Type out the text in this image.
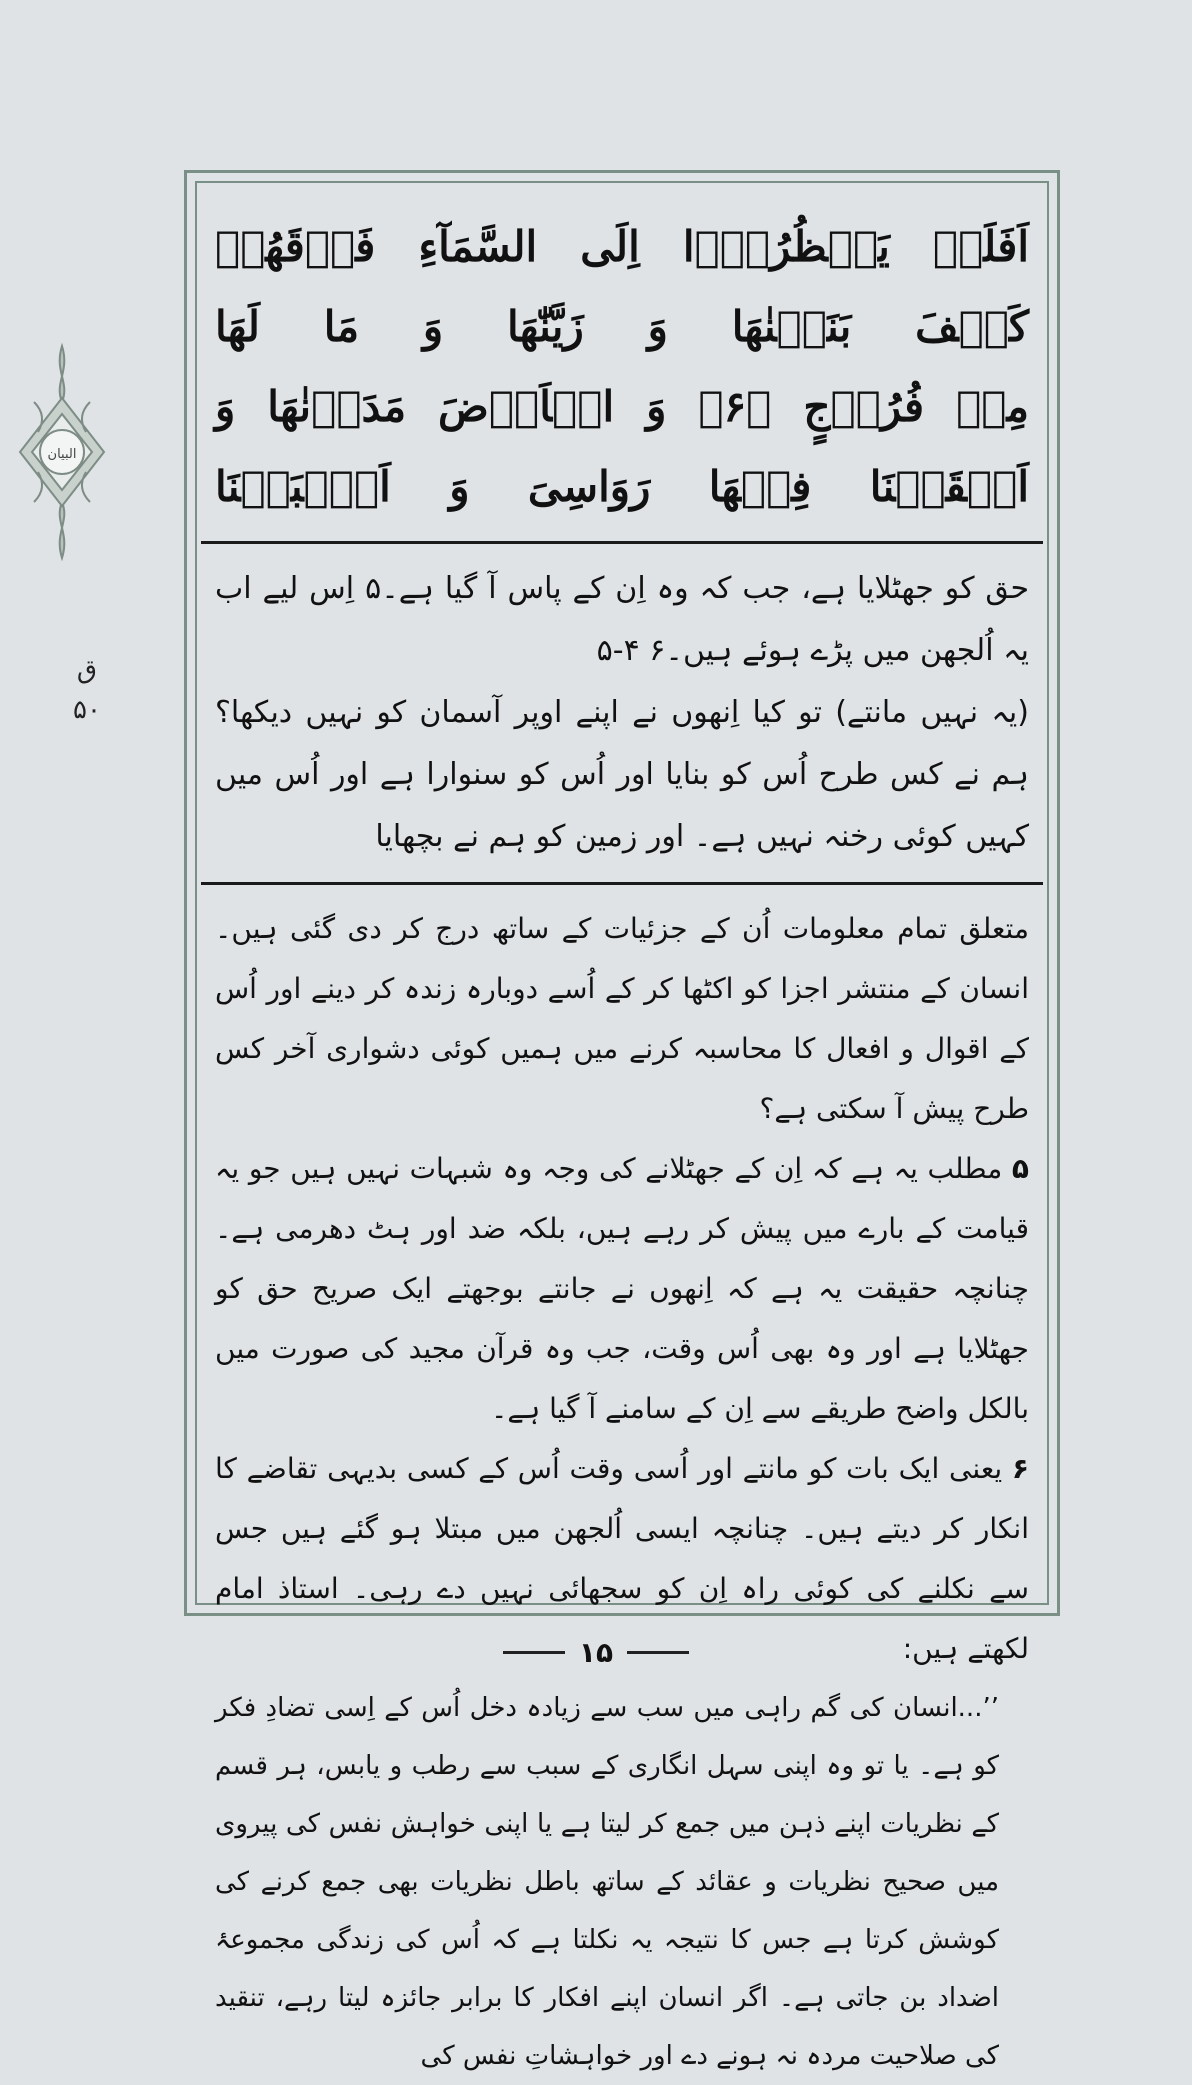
البیان
ق
۵۰
اَفَلَمۡ یَنۡظُرُوۡۤا اِلَی السَّمَآءِ فَوۡقَهُمۡ کَیۡفَ بَنَیۡنٰهَا وَ زَیَّنّٰهَا وَ مَا لَهَا
مِنۡ فُرُوۡجٍ ﴿۶﴾ وَ الۡاَرۡضَ مَدَدۡنٰهَا وَ اَلۡقَیۡنَا فِیۡهَا رَوَاسِیَ وَ اَنۡۢبَتۡنَا

حق کو جھٹلایا ہے، جب کہ وہ اِن کے پاس آ گیا ہے۔۵ اِس لیے اب یہ اُلجھن میں پڑے ہوئے ہیں۔۶ ۴-۵

(یہ نہیں مانتے) تو کیا اِنھوں نے اپنے اوپر آسمان کو نہیں دیکھا؟ ہم نے کس طرح اُس کو بنایا اور اُس کو سنوارا ہے اور اُس میں کہیں کوئی رخنہ نہیں ہے۔ اور زمین کو ہم نے بچھایا

متعلق تمام معلومات اُن کے جزئیات کے ساتھ درج کر دی گئی ہیں۔ انسان کے منتشر اجزا کو اکٹھا کر کے اُسے دوبارہ زندہ کر دینے اور اُس کے اقوال و افعال کا محاسبہ کرنے میں ہمیں کوئی دشواری آخر کس طرح پیش آ سکتی ہے؟

۵ مطلب یہ ہے کہ اِن کے جھٹلانے کی وجہ وہ شبہات نہیں ہیں جو یہ قیامت کے بارے میں پیش کر رہے ہیں، بلکہ ضد اور ہٹ دھرمی ہے۔ چنانچہ حقیقت یہ ہے کہ اِنھوں نے جانتے بوجھتے ایک صریح حق کو جھٹلایا ہے اور وہ بھی اُس وقت، جب وہ قرآن مجید کی صورت میں بالکل واضح طریقے سے اِن کے سامنے آ گیا ہے۔

۶ یعنی ایک بات کو مانتے اور اُسی وقت اُس کے کسی بدیہی تقاضے کا انکار کر دیتے ہیں۔ چنانچہ ایسی اُلجھن میں مبتلا ہو گئے ہیں جس سے نکلنے کی کوئی راہ اِن کو سجھائی نہیں دے رہی۔ استاذ امام لکھتے ہیں:

’’...انسان کی گم راہی میں سب سے زیادہ دخل اُس کے اِسی تضادِ فکر کو ہے۔ یا تو وہ اپنی سہل انگاری کے سبب سے رطب و یابس، ہر قسم کے نظریات اپنے ذہن میں جمع کر لیتا ہے یا اپنی خواہش نفس کی پیروی میں صحیح نظریات و عقائد کے ساتھ باطل نظریات بھی جمع کرنے کی کوشش کرتا ہے جس کا نتیجہ یہ نکلتا ہے کہ اُس کی زندگی مجموعۂ اضداد بن جاتی ہے۔ اگر انسان اپنے افکار کا برابر جائزہ لیتا رہے، تنقید کی صلاحیت مردہ نہ ہونے دے اور خواہشاتِ نفس کی

۱۵
